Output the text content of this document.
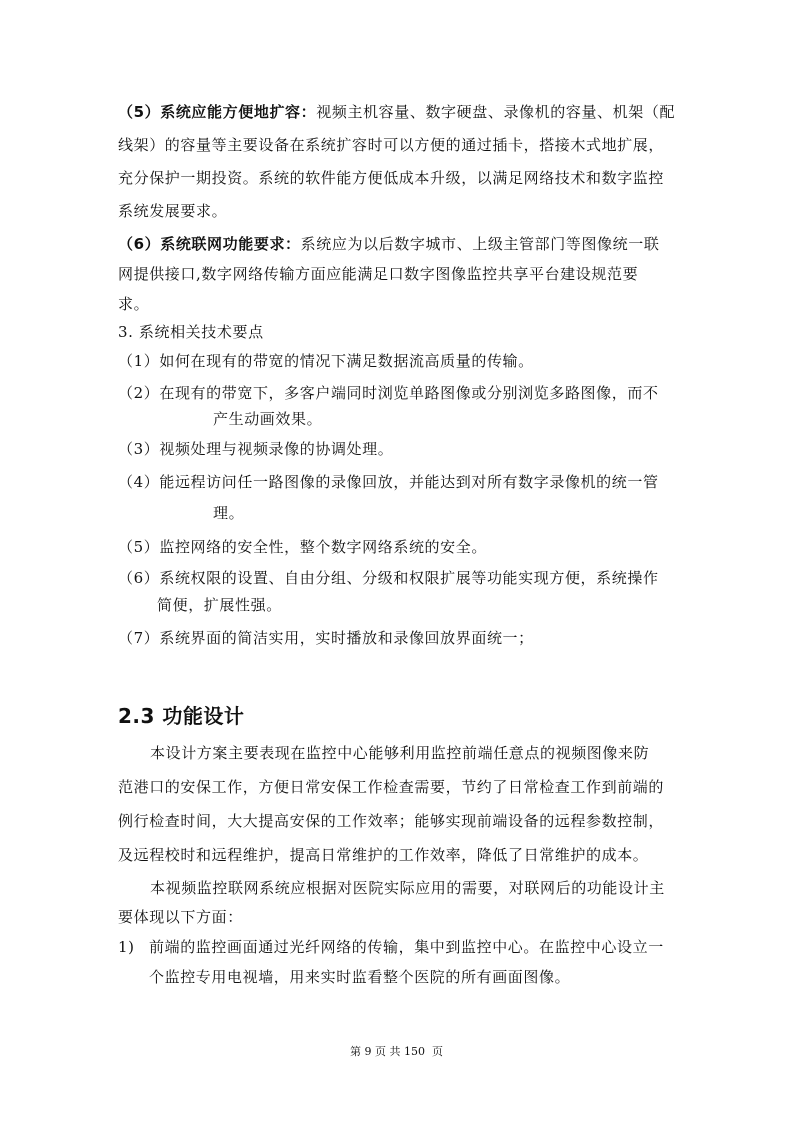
（5）系统应能方便地扩容：视频主机容量、数字硬盘、录像机的容量、机架（配
线架）的容量等主要设备在系统扩容时可以方便的通过插卡，搭接木式地扩展，
充分保护一期投资。系统的软件能方便低成本升级，以满足网络技术和数字监控
系统发展要求。
（6）系统联网功能要求：系统应为以后数字城市、上级主管部门等图像统一联
网提供接口,数字网络传输方面应能满足口数字图像监控共享平台建设规范要
求。
3. 系统相关技术要点
（1）如何在现有的带宽的情况下满足数据流高质量的传输。
（2）在现有的带宽下，多客户端同时浏览单路图像或分别浏览多路图像，而不
产生动画效果。
（3）视频处理与视频录像的协调处理。
（4）能远程访问任一路图像的录像回放，并能达到对所有数字录像机的统一管
理。
（5）监控网络的安全性，整个数字网络系统的安全。
（6）系统权限的设置、自由分组、分级和权限扩展等功能实现方便，系统操作
简便，扩展性强。
（7）系统界面的简洁实用，实时播放和录像回放界面统一；
2.3 功能设计
本设计方案主要表现在监控中心能够利用监控前端任意点的视频图像来防
范港口的安保工作，方便日常安保工作检查需要，节约了日常检查工作到前端的
例行检查时间，大大提高安保的工作效率；能够实现前端设备的远程参数控制，
及远程校时和远程维护，提高日常维护的工作效率，降低了日常维护的成本。
本视频监控联网系统应根据对医院实际应用的需要，对联网后的功能设计主
要体现以下方面：
1) 前端的监控画面通过光纤网络的传输，集中到监控中心。在监控中心设立一
个监控专用电视墙，用来实时监看整个医院的所有画面图像。
第 9 页 共 150  页
